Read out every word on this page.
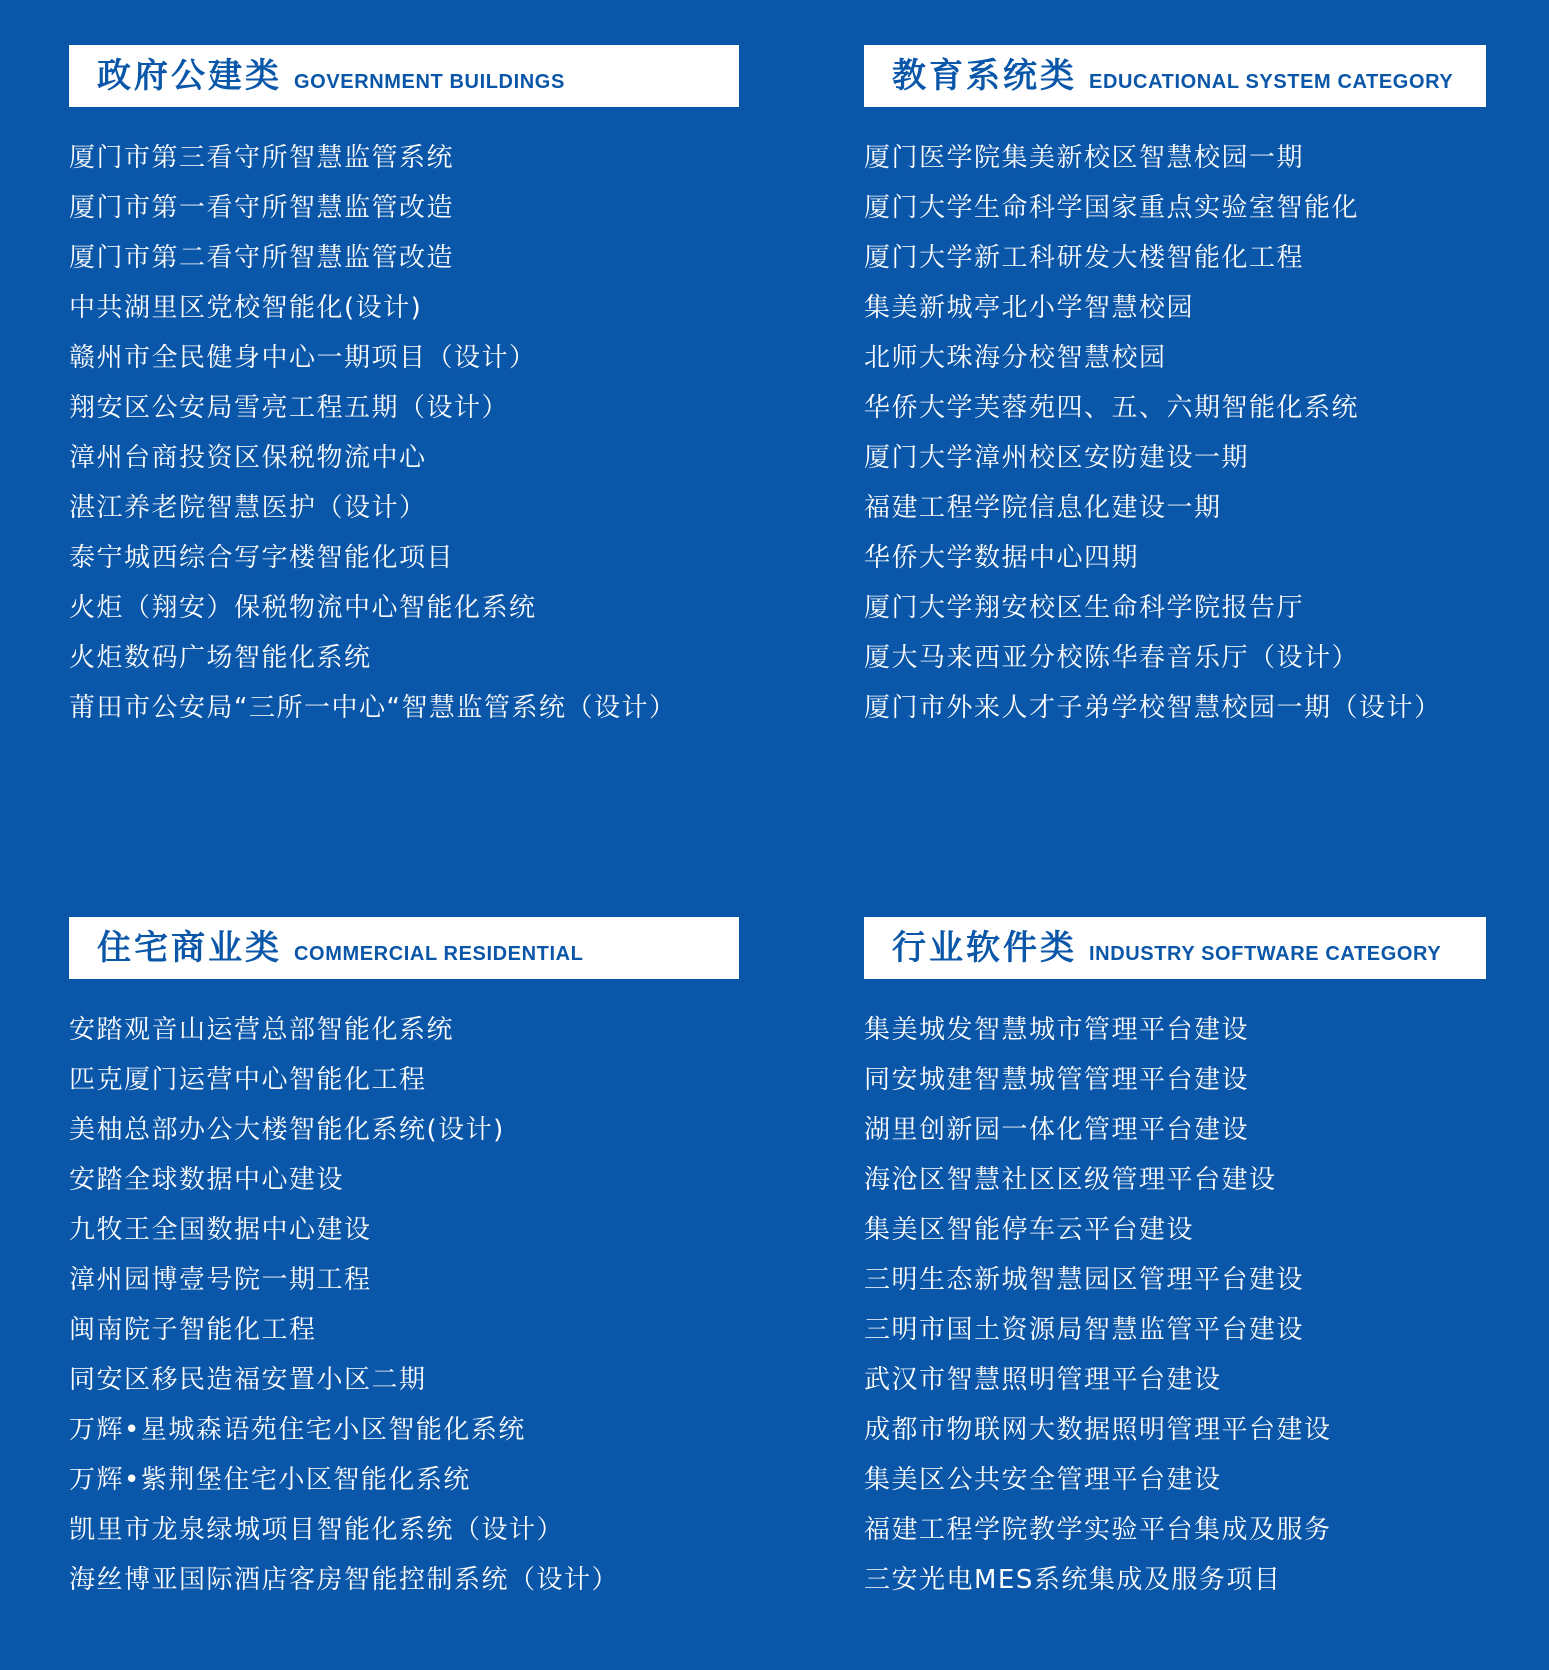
政府公建类 GOVERNMENT BUILDINGS
厦门市第三看守所智慧监管系统
厦门市第一看守所智慧监管改造
厦门市第二看守所智慧监管改造
中共湖里区党校智能化(设计)
赣州市全民健身中心一期项目（设计）
翔安区公安局雪亮工程五期（设计）
漳州台商投资区保税物流中心
湛江养老院智慧医护（设计）
泰宁城西综合写字楼智能化项目
火炬（翔安）保税物流中心智能化系统
火炬数码广场智能化系统
莆田市公安局“三所一中心“智慧监管系统（设计）
教育系统类 EDUCATIONAL SYSTEM CATEGORY
厦门医学院集美新校区智慧校园一期
厦门大学生命科学国家重点实验室智能化
厦门大学新工科研发大楼智能化工程
集美新城亭北小学智慧校园
北师大珠海分校智慧校园
华侨大学芙蓉苑四、五、六期智能化系统
厦门大学漳州校区安防建设一期
福建工程学院信息化建设一期
华侨大学数据中心四期
厦门大学翔安校区生命科学院报告厅
厦大马来西亚分校陈华春音乐厅（设计）
厦门市外来人才子弟学校智慧校园一期（设计）
住宅商业类 COMMERCIAL RESIDENTIAL
安踏观音山运营总部智能化系统
匹克厦门运营中心智能化工程
美柚总部办公大楼智能化系统(设计)
安踏全球数据中心建设
九牧王全国数据中心建设
漳州园博壹号院一期工程
闽南院子智能化工程
同安区移民造福安置小区二期
万辉•星城森语苑住宅小区智能化系统
万辉•紫荆堡住宅小区智能化系统
凯里市龙泉绿城项目智能化系统（设计）
海丝博亚国际酒店客房智能控制系统（设计）
行业软件类 INDUSTRY SOFTWARE CATEGORY
集美城发智慧城市管理平台建设
同安城建智慧城管管理平台建设
湖里创新园一体化管理平台建设
海沧区智慧社区区级管理平台建设
集美区智能停车云平台建设
三明生态新城智慧园区管理平台建设
三明市国土资源局智慧监管平台建设
武汉市智慧照明管理平台建设
成都市物联网大数据照明管理平台建设
集美区公共安全管理平台建设
福建工程学院教学实验平台集成及服务
三安光电MES系统集成及服务项目
